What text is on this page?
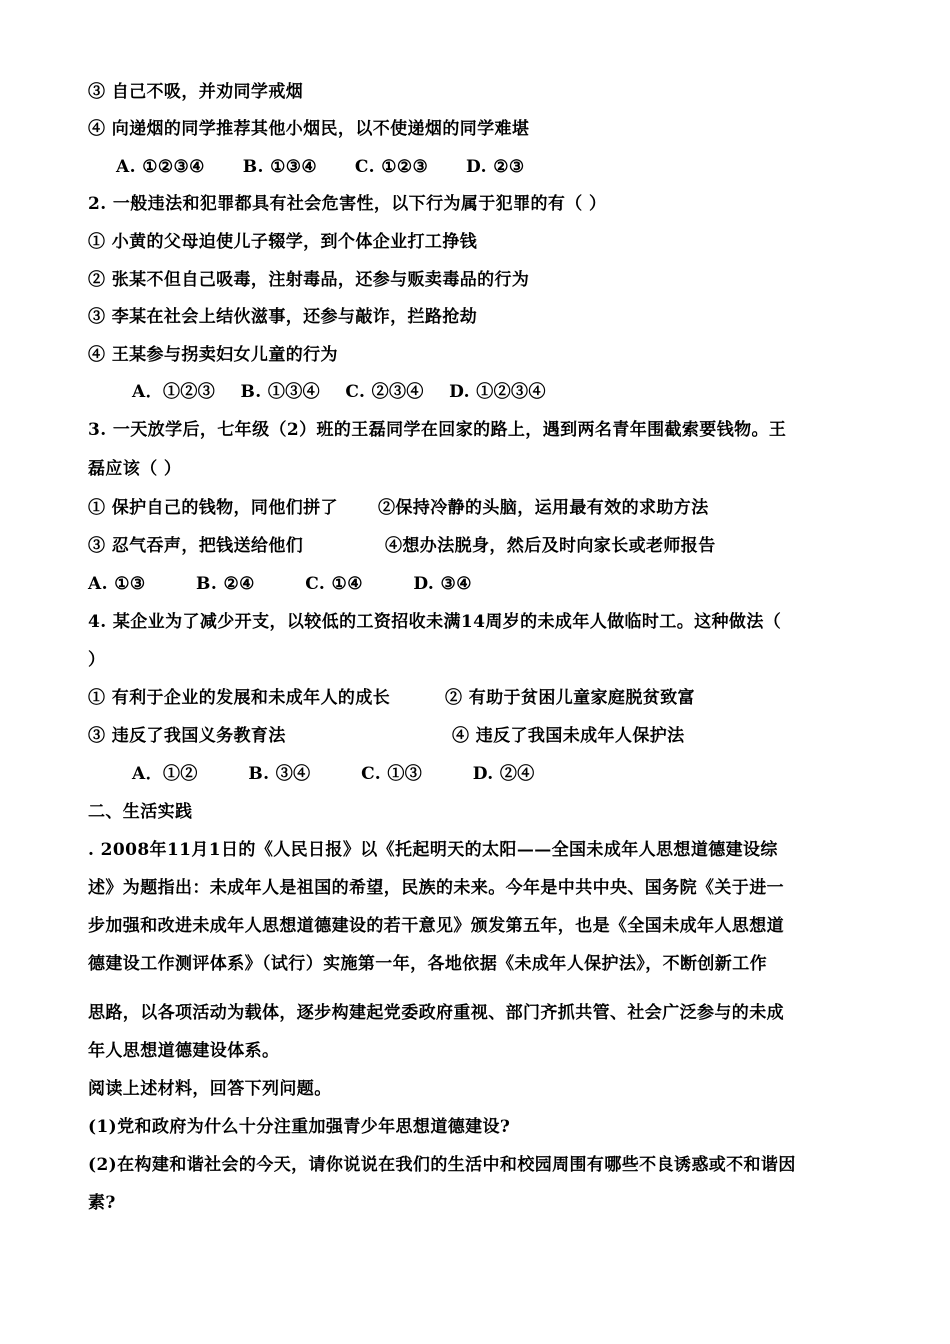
③ 自己不吸，并劝同学戒烟
④ 向递烟的同学推荐其他小烟民，以不使递烟的同学难堪
A. ①②③④      B. ①③④      C. ①②③      D. ②③
2. 一般违法和犯罪都具有社会危害性，以下行为属于犯罪的有（ ）
① 小黄的父母迫使儿子辍学，到个体企业打工挣钱
② 张某不但自己吸毒，注射毒品，还参与贩卖毒品的行为
③ 李某在社会上结伙滋事，还参与敲诈，拦路抢劫
④ 王某参与拐卖妇女儿童的行为
A．①②③    B. ①③④    C. ②③④    D. ①②③④
3. 一天放学后，七年级（2）班的王磊同学在回家的路上，遇到两名青年围截索要钱物。王
磊应该（ ）
① 保护自己的钱物，同他们拼了 ②保持冷静的头脑，运用最有效的求助方法
③ 忍气吞声，把钱送给他们	④想办法脱身，然后及时向家长或老师报告
A. ①③        B. ②④        C. ①④        D. ③④
4. 某企业为了减少开支，以较低的工资招收未满14周岁的未成年人做临时工。这种做法（
）
① 有利于企业的发展和未成年人的成长	② 有助于贫困儿童家庭脱贫致富
③ 违反了我国义务教育法	④ 违反了我国未成年人保护法
A．①②        B. ③④        C. ①③        D. ②④
二、生活实践
. 2008年11月1日的《人民日报》以《托起明天的太阳——全国未成年人思想道德建设综
述》为题指出：未成年人是祖国的希望，民族的未来。今年是中共中央、国务院《关于进一
步加强和改进未成年人思想道德建设的若干意见》颁发第五年，也是《全国未成年人思想道
德建设工作测评体系》（试行）实施第一年，各地依据《未成年人保护法》，不断创新工作
思路，以各项活动为载体，逐步构建起党委政府重视、部门齐抓共管、社会广泛参与的未成
年人思想道德建设体系。
阅读上述材料，回答下列问题。
(1)党和政府为什么十分注重加强青少年思想道德建设?
(2)在构建和谐社会的今天，请你说说在我们的生活中和校园周围有哪些不良诱惑或不和谐因
素?
